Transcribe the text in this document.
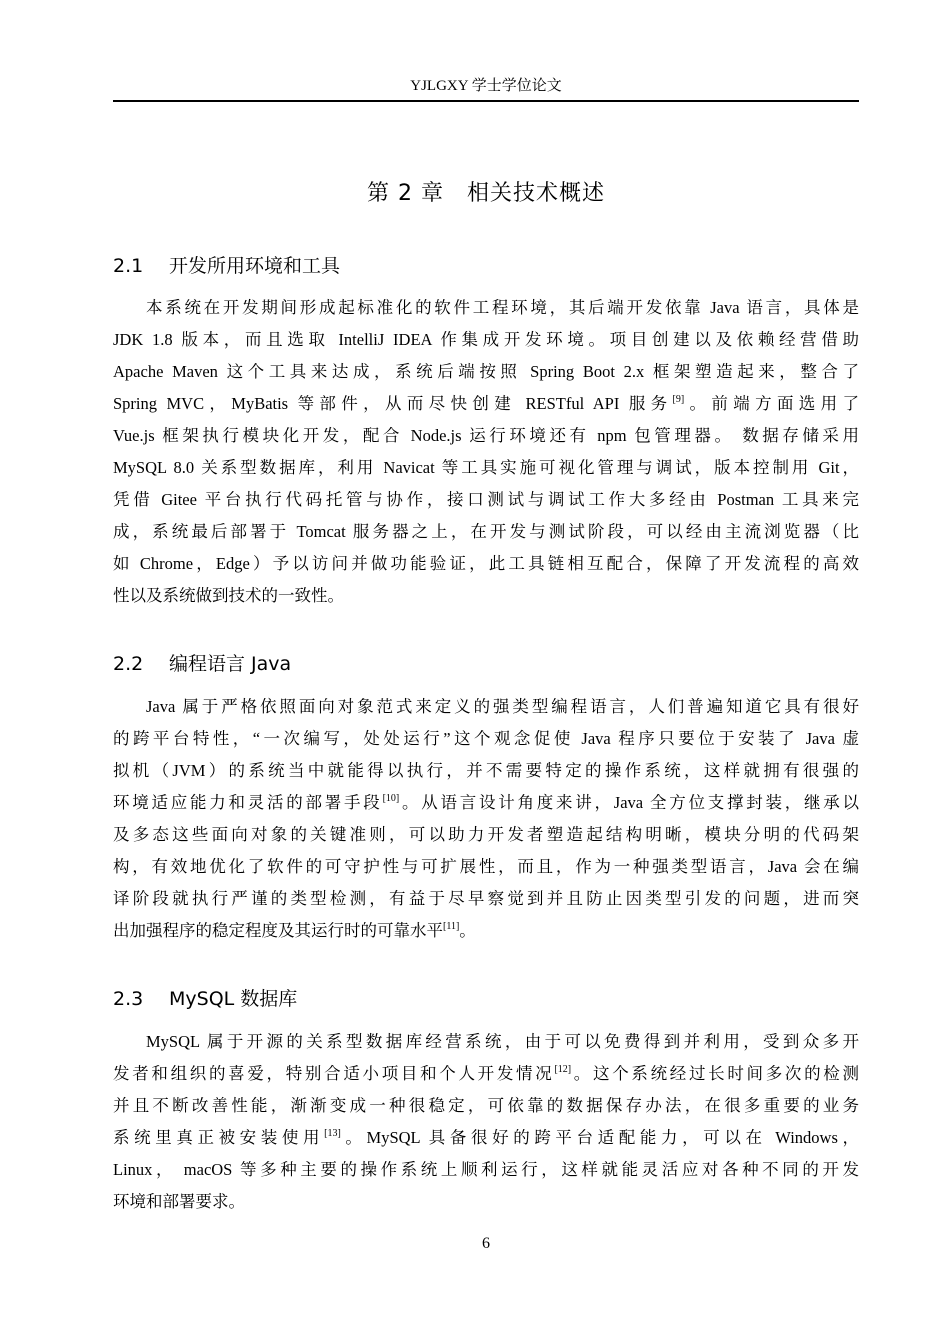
YJLGXY 学士学位论文
第 2 章　相关技术概述
2.1 开发所用环境和工具
本系统在开发期间形成起标准化的软件工程环境，其后端开发依靠 Java 语言，具体是
JDK 1.8 版本，而且选取 IntelliJ IDEA 作集成开发环境。项目创建以及依赖经营借助
Apache Maven 这个工具来达成，系统后端按照 Spring Boot 2.x 框架塑造起来，整合了
Spring MVC，MyBatis 等部件，从而尽快创建 RESTful API 服务[9]。前端方面选用了
Vue.js 框架执行模块化开发，配合 Node.js 运行环境还有 npm 包管理器。 数据存储采用
MySQL 8.0 关系型数据库，利用 Navicat 等工具实施可视化管理与调试，版本控制用 Git，
凭借 Gitee 平台执行代码托管与协作，接口测试与调试工作大多经由 Postman 工具来完
成，系统最后部署于 Tomcat 服务器之上，在开发与测试阶段，可以经由主流浏览器（比
如 Chrome，Edge）予以访问并做功能验证，此工具链相互配合，保障了开发流程的高效
性以及系统做到技术的一致性。
2.2 编程语言 Java
Java 属于严格依照面向对象范式来定义的强类型编程语言，人们普遍知道它具有很好
的跨平台特性，“一次编写，处处运行”这个观念促使 Java 程序只要位于安装了 Java 虚
拟机（JVM）的系统当中就能得以执行，并不需要特定的操作系统，这样就拥有很强的
环境适应能力和灵活的部署手段[10]。从语言设计角度来讲，Java 全方位支撑封装，继承以
及多态这些面向对象的关键准则，可以助力开发者塑造起结构明晰，模块分明的代码架
构，有效地优化了软件的可守护性与可扩展性，而且，作为一种强类型语言，Java 会在编
译阶段就执行严谨的类型检测，有益于尽早察觉到并且防止因类型引发的问题，进而突
出加强程序的稳定程度及其运行时的可靠水平[11]。
2.3 MySQL 数据库
MySQL 属于开源的关系型数据库经营系统，由于可以免费得到并利用，受到众多开
发者和组织的喜爱，特别合适小项目和个人开发情况[12]。这个系统经过长时间多次的检测
并且不断改善性能，渐渐变成一种很稳定，可依靠的数据保存办法，在很多重要的业务
系统里真正被安装使用[13]。MySQL 具备很好的跨平台适配能力，可以在 Windows，
Linux， macOS 等多种主要的操作系统上顺利运行，这样就能灵活应对各种不同的开发
环境和部署要求。
6
